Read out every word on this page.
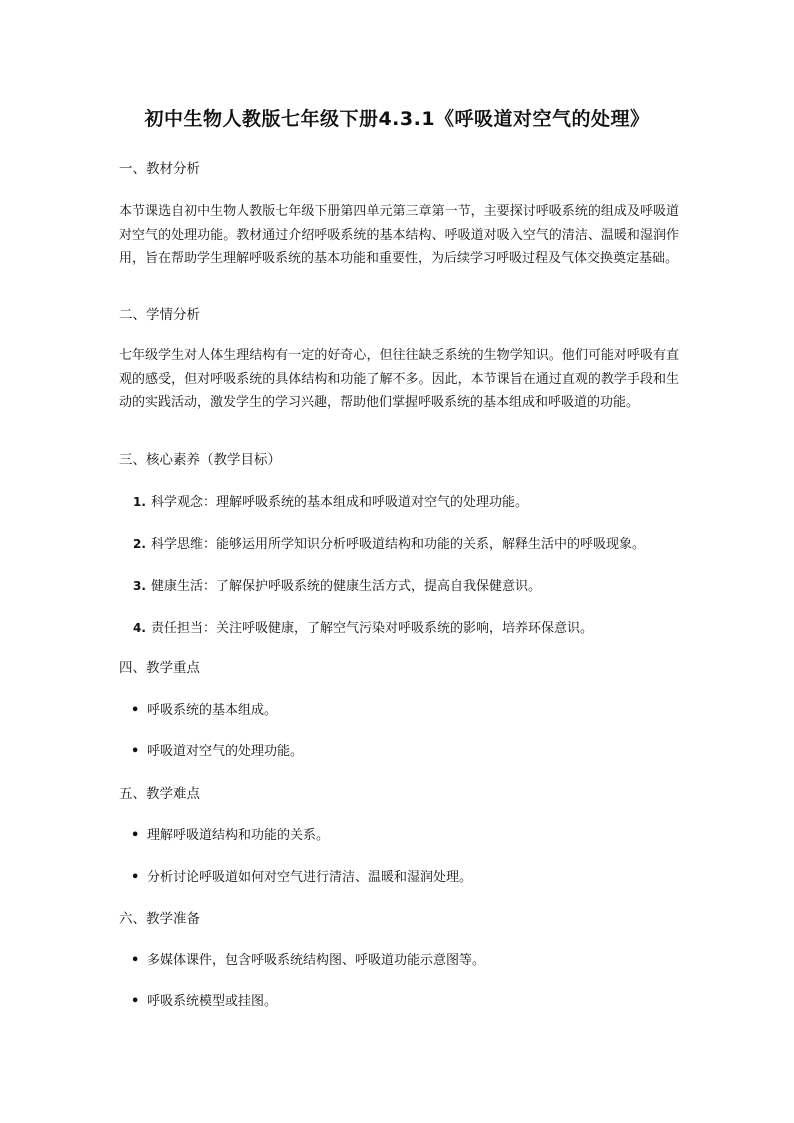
初中生物人教版七年级下册4.3.1《呼吸道对空气的处理》
一、教材分析
本节课选自初中生物人教版七年级下册第四单元第三章第一节，主要探讨呼吸系统的组成及呼吸道对空气的处理功能。教材通过介绍呼吸系统的基本结构、呼吸道对吸入空气的清洁、温暖和湿润作用，旨在帮助学生理解呼吸系统的基本功能和重要性，为后续学习呼吸过程及气体交换奠定基础。
二、学情分析
七年级学生对人体生理结构有一定的好奇心，但往往缺乏系统的生物学知识。他们可能对呼吸有直观的感受，但对呼吸系统的具体结构和功能了解不多。因此，本节课旨在通过直观的教学手段和生动的实践活动，激发学生的学习兴趣，帮助他们掌握呼吸系统的基本组成和呼吸道的功能。
三、核心素养（教学目标）
1. 科学观念：理解呼吸系统的基本组成和呼吸道对空气的处理功能。
2. 科学思维：能够运用所学知识分析呼吸道结构和功能的关系，解释生活中的呼吸现象。
3. 健康生活：了解保护呼吸系统的健康生活方式，提高自我保健意识。
4. 责任担当：关注呼吸健康，了解空气污染对呼吸系统的影响，培养环保意识。
四、教学重点
• 呼吸系统的基本组成。
• 呼吸道对空气的处理功能。
五、教学难点
• 理解呼吸道结构和功能的关系。
• 分析讨论呼吸道如何对空气进行清洁、温暖和湿润处理。
六、教学准备
• 多媒体课件，包含呼吸系统结构图、呼吸道功能示意图等。
• 呼吸系统模型或挂图。
